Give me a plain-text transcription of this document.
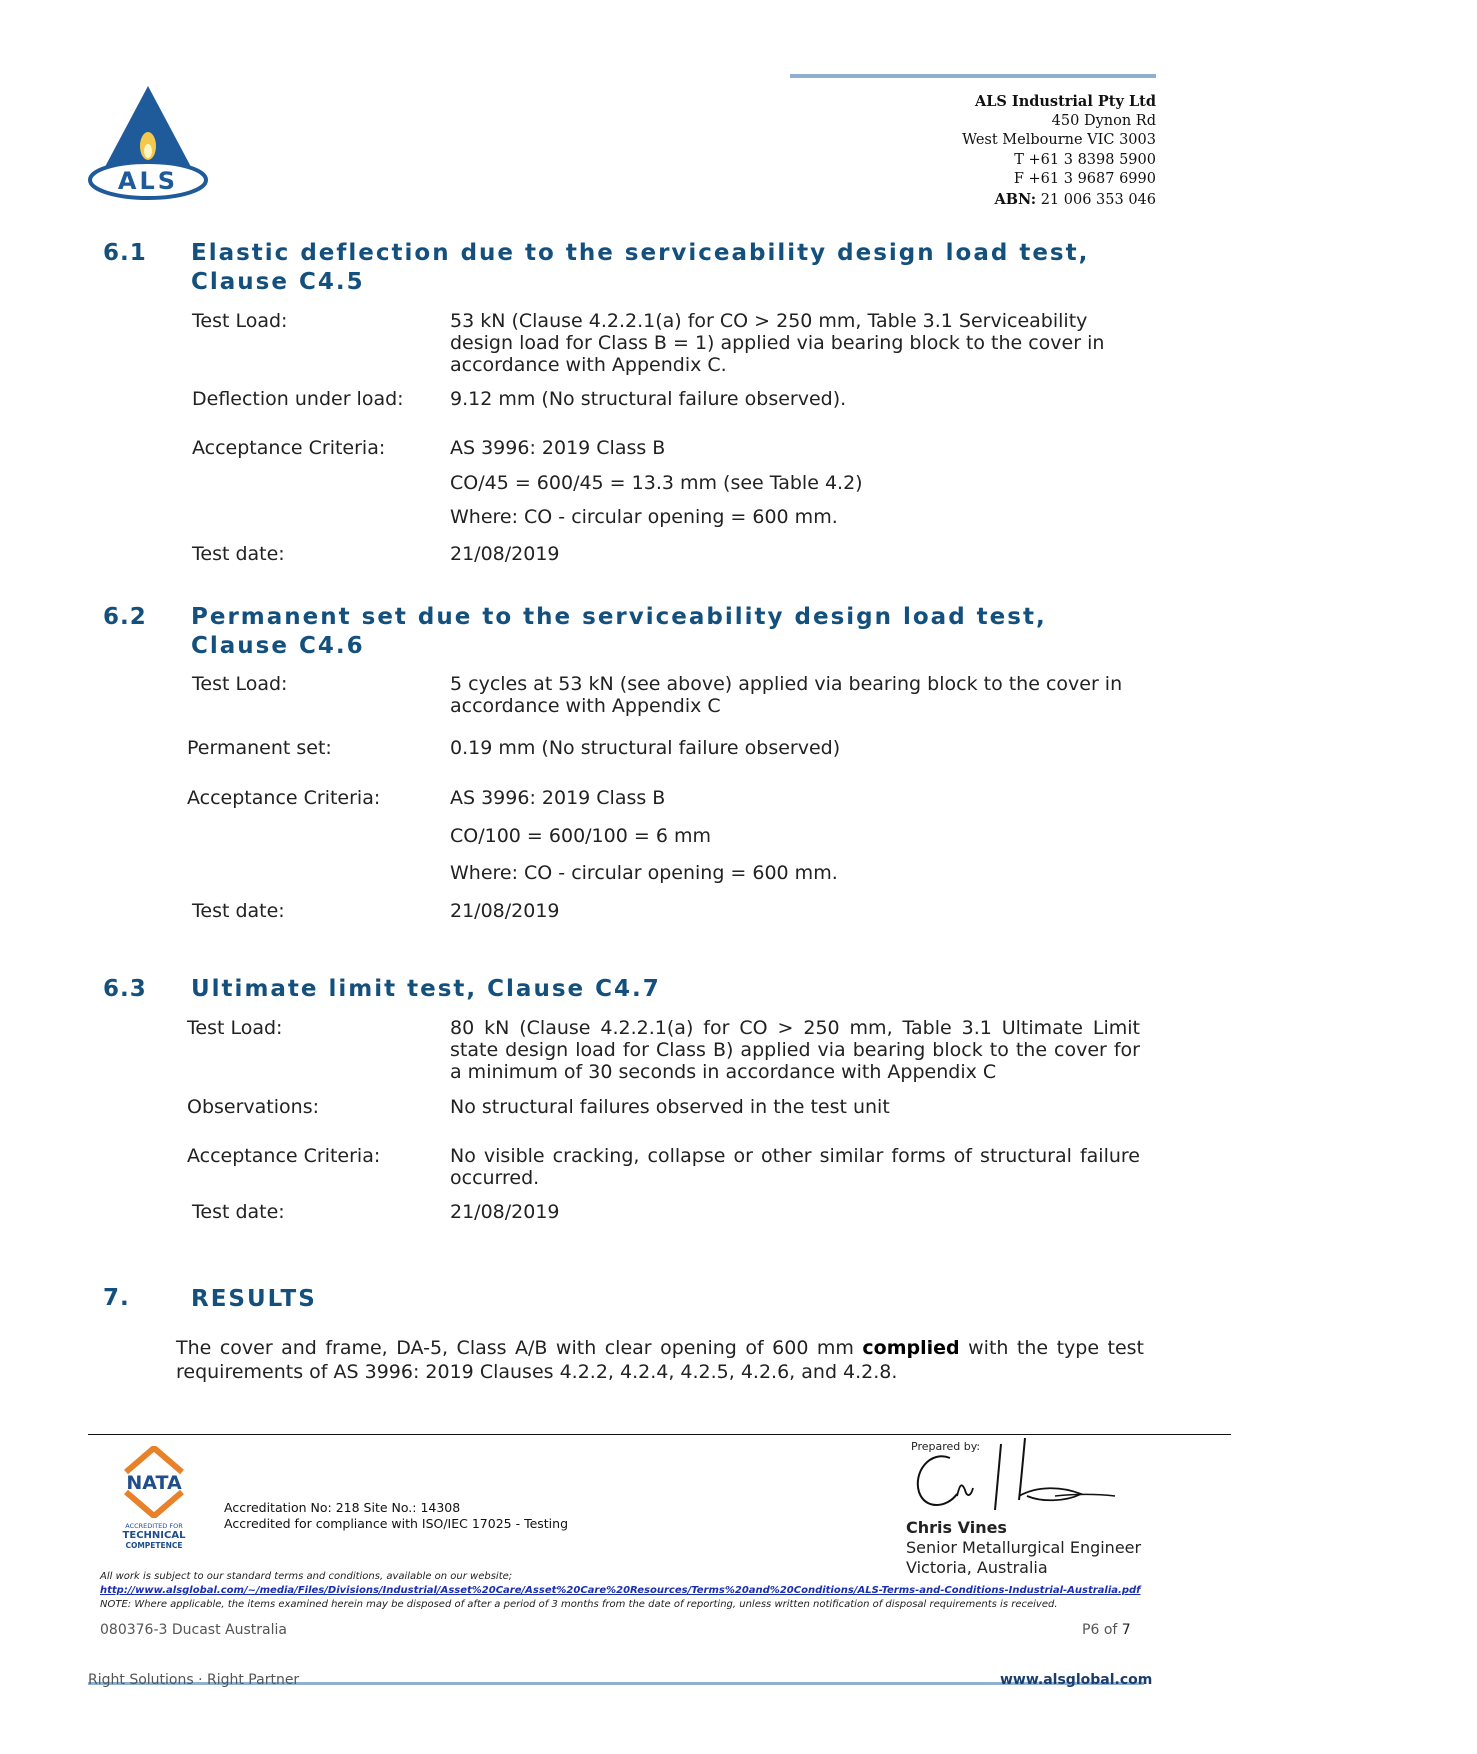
ALS
ALS Industrial Pty Ltd
450 Dynon Rd
West Melbourne VIC 3003
T +61 3 8398 5900
F +61 3 9687 6990
ABN: 21 006 353 046
6.1 Elastic deflection due to the serviceability design load test,
Clause C4.5
Test Load:	53 kN (Clause 4.2.2.1(a) for CO > 250 mm, Table 3.1 Serviceability design load for Class B = 1) applied via bearing block to the cover in accordance with Appendix C.
Deflection under load: 9.12 mm (No structural failure observed).
Acceptance Criteria:	AS 3996: 2019 Class B
CO/45 = 600/45 = 13.3 mm (see Table 4.2)
Where: CO - circular opening = 600 mm.
Test date:	21/08/2019
6.2 Permanent set due to the serviceability design load test,
Clause C4.6
Test Load:	5 cycles at 53 kN (see above) applied via bearing block to the cover in accordance with Appendix C
Permanent set:	0.19 mm (No structural failure observed)
Acceptance Criteria:	AS 3996: 2019 Class B
CO/100 = 600/100 = 6 mm
Where: CO - circular opening = 600 mm.
Test date:	21/08/2019
6.3 Ultimate limit test, Clause C4.7
Test Load:	80 kN (Clause 4.2.2.1(a) for CO > 250 mm, Table 3.1 Ultimate Limit state design load for Class B) applied via bearing block to the cover for a minimum of 30 seconds in accordance with Appendix C
Observations:	No structural failures observed in the test unit
Acceptance Criteria:	No visible cracking, collapse or other similar forms of structural failure occurred.
Test date:	21/08/2019
7.	RESULTS
The cover and frame, DA-5, Class A/B with clear opening of 600 mm complied with the type test requirements of AS 3996: 2019 Clauses 4.2.2, 4.2.4, 4.2.5, 4.2.6, and 4.2.8.
NATA
ACCREDITED FOR
TECHNICAL
COMPETENCE
Accreditation No: 218 Site No.: 14308
Accredited for compliance with ISO/IEC 17025 - Testing
Prepared by:
Chris Vines
Senior Metallurgical Engineer
Victoria, Australia
All work is subject to our standard terms and conditions, available on our website;
http://www.alsglobal.com/~/media/Files/Divisions/Industrial/Asset%20Care/Asset%20Care%20Resources/Terms%20and%20Conditions/ALS-Terms-and-Conditions-Industrial-Australia.pdf
NOTE: Where applicable, the items examined herein may be disposed of after a period of 3 months from the date of reporting, unless written notification of disposal requirements is received.
080376-3 Ducast Australia	P6 of 7
Right Solutions · Right Partner	www.alsglobal.com
